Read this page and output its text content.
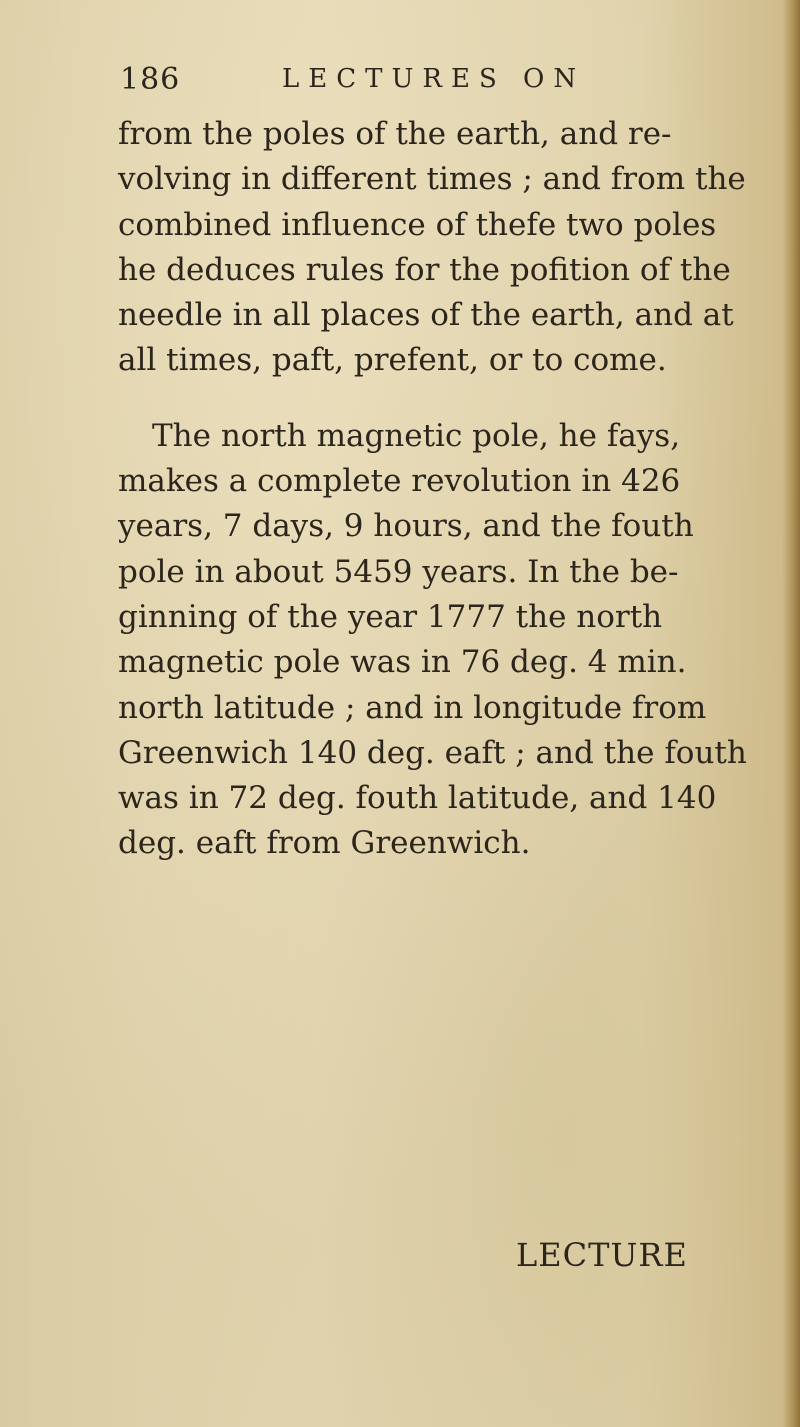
186	LECTURES ON
from the poles of the earth, and re-
volving in different times ; and from the
combined influence of thefe two poles
he deduces rules for the pofition of the
needle in all places of the earth, and at
all times, paft, prefent, or to come.
The north magnetic pole, he fays,
makes a complete revolution in 426
years, 7 days, 9 hours, and the fouth
pole in about 5459 years. In the be-
ginning of the year 1777 the north
magnetic pole was in 76 deg. 4 min.
north latitude ; and in longitude from
Greenwich 140 deg. eaft ; and the fouth
was in 72 deg. fouth latitude, and 140
deg. eaft from Greenwich.
LECTURE
